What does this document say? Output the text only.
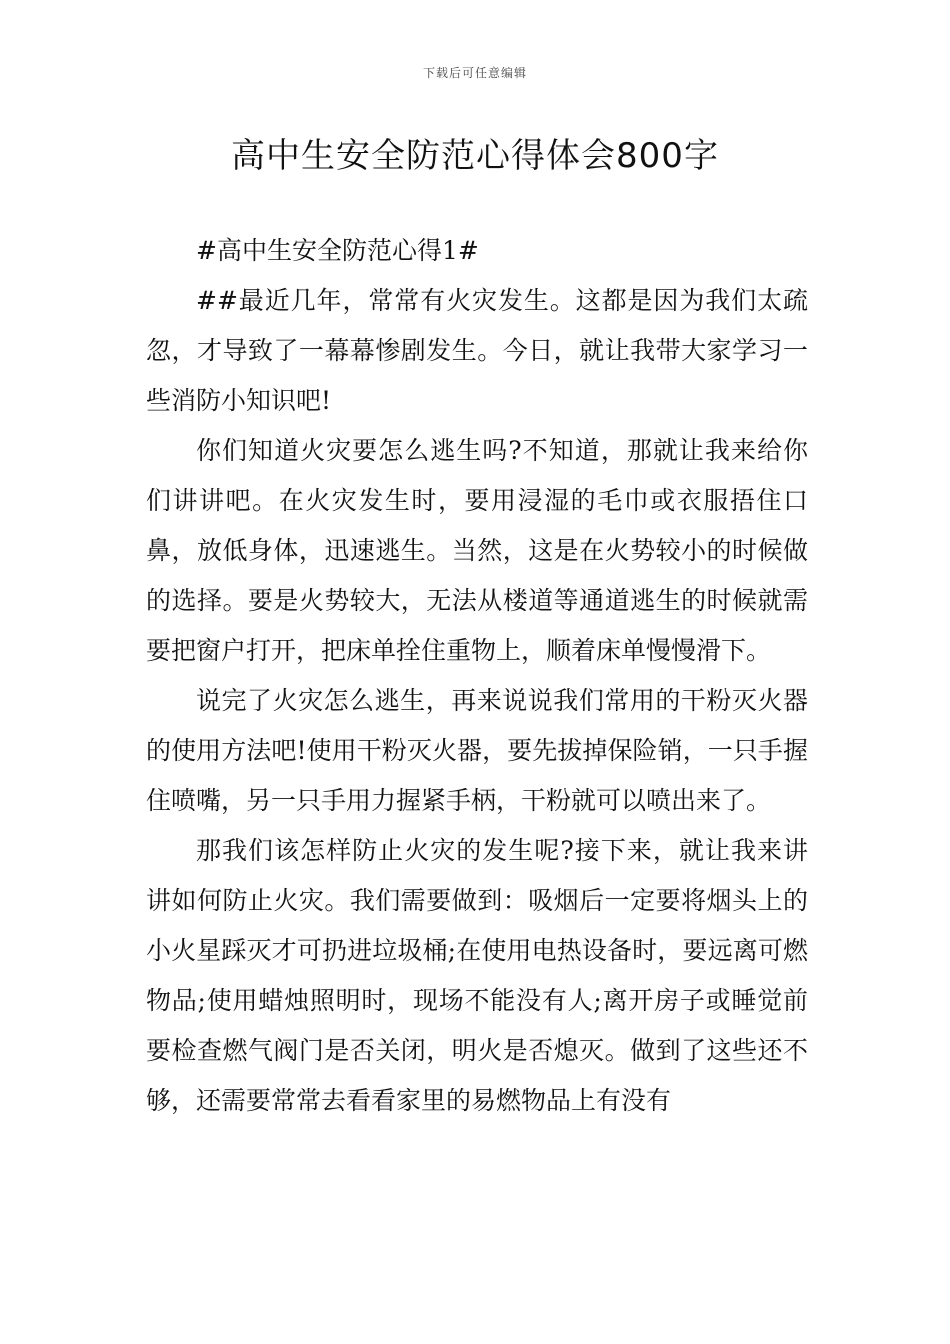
下载后可任意编辑
高中生安全防范心得体会800字

#高中生安全防范心得1#

##最近几年，常常有火灾发生。这都是因为我们太疏忽，才导致了一幕幕惨剧发生。今日，就让我带大家学习一些消防小知识吧!

你们知道火灾要怎么逃生吗?不知道，那就让我来给你们讲讲吧。在火灾发生时，要用浸湿的毛巾或衣服捂住口鼻，放低身体，迅速逃生。当然，这是在火势较小的时候做的选择。要是火势较大，无法从楼道等通道逃生的时候就需要把窗户打开，把床单拴住重物上，顺着床单慢慢滑下。

说完了火灾怎么逃生，再来说说我们常用的干粉灭火器的使用方法吧!使用干粉灭火器，要先拔掉保险销，一只手握住喷嘴，另一只手用力握紧手柄，干粉就可以喷出来了。

那我们该怎样防止火灾的发生呢?接下来，就让我来讲讲如何防止火灾。我们需要做到：吸烟后一定要将烟头上的小火星踩灭才可扔进垃圾桶;在使用电热设备时，要远离可燃物品;使用蜡烛照明时，现场不能没有人;离开房子或睡觉前要检查燃气阀门是否关闭，明火是否熄灭。做到了这些还不够，还需要常常去看看家里的易燃物品上有没有
